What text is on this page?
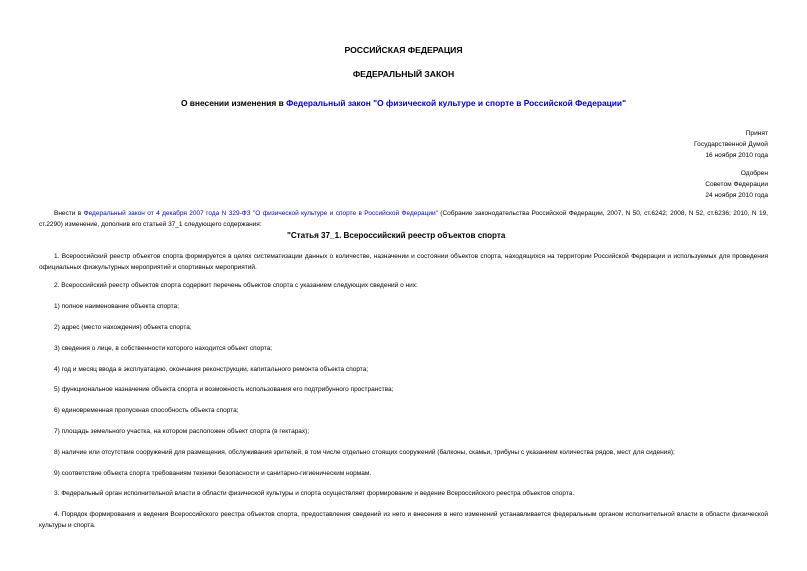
РОССИЙСКАЯ ФЕДЕРАЦИЯ
ФЕДЕРАЛЬНЫЙ ЗАКОН
О внесении изменения в Федеральный закон "О физической культуре и спорте в Российской Федерации"
Принят
Государственной Думой
16 ноября 2010 года
Одобрен
Советом Федерации
24 ноября 2010 года
Внести в Федеральный закон от 4 декабря 2007 года N 329-ФЗ "О физической культуре и спорте в Российской Федерации" (Собрание законодательства Российской Федерации, 2007, N 50, ст.6242; 2008, N 52, ст.6236; 2010, N 19, ст.2290) изменение, дополнив его статьей 37_1 следующего содержания:
"Статья 37_1. Всероссийский реестр объектов спорта
1. Всероссийский реестр объектов спорта формируется в целях систематизации данных о количестве, назначении и состоянии объектов спорта, находящихся на территории Российской Федерации и используемых для проведения официальных физкультурных мероприятий и спортивных мероприятий.
2. Всероссийский реестр объектов спорта содержит перечень объектов спорта с указанием следующих сведений о них:
1) полное наименование объекта спорта;
2) адрес (место нахождения) объекта спорта;
3) сведения о лице, в собственности которого находится объект спорта;
4) год и месяц ввода в эксплуатацию, окончания реконструкции, капитального ремонта объекта спорта;
5) функциональное назначение объекта спорта и возможность использования его подтрибунного пространства;
6) единовременная пропускная способность объекта спорта;
7) площадь земельного участка, на котором расположен объект спорта (в гектарах);
8) наличие или отсутствие сооружений для размещения, обслуживания зрителей, в том числе отдельно стоящих сооружений (балконы, скамьи, трибуны с указанием количества рядов, мест для сидения);
9) соответствие объекта спорта требованиям техники безопасности и санитарно-гигиеническим нормам.
3. Федеральный орган исполнительной власти в области физической культуры и спорта осуществляет формирование и ведение Всероссийского реестра объектов спорта.
4. Порядок формирования и ведения Всероссийского реестра объектов спорта, предоставления сведений из него и внесения в него изменений устанавливается федеральным органом исполнительной власти в области физической культуры и спорта.
